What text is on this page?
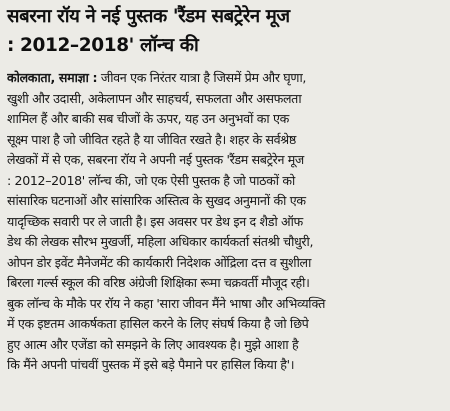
सबरना रॉय ने नई पुस्तक 'रैंडम सबट्रेरेन मूज
: 2012–2018' लॉन्च की
कोलकाता, समाज्ञा : जीवन एक निरंतर यात्रा है जिसमें प्रेम और घृणा,
खुशी और उदासी, अकेलापन और साहचर्य, सफलता और असफलता
शामिल हैं और बाकी सब चीजों के ऊपर, यह उन अनुभवों का एक
सूक्ष्म पाश है जो जीवित रहते है या जीवित रखते है। शहर के सर्वश्रेष्ठ
लेखकों में से एक, सबरना रॉय ने अपनी नई पुस्तक 'रैंडम सबट्रेरेन मूज
: 2012–2018' लॉन्च की, जो एक ऐसी पुस्तक है जो पाठकों को
सांसारिक घटनाओं और सांसारिक अस्तित्व के सुखद अनुमानों की एक
यादृच्छिक सवारी पर ले जाती है। इस अवसर पर डेथ इन द शैडो ऑफ
डेथ की लेखक सौरभ मुखर्जी, महिला अधिकार कार्यकर्ता संतश्री चौधुरी,
ओपन डोर इवेंट मैनेजमेंट की कार्यकारी निदेशक ओंद्रिला दत्त व सुशीला
बिरला गर्ल्स स्कूल की वरिष्ठ अंग्रेजी शिक्षिका रूमा चक्रवर्ती मौजूद रही।
बुक लॉन्च के मौके पर रॉय ने कहा 'सारा जीवन मैंने भाषा और अभिव्यक्ति
में एक इष्टतम आकर्षकता हासिल करने के लिए संघर्ष किया है जो छिपे
हुए आत्म और एजेंडा को समझने के लिए आवश्यक है। मुझे आशा है
कि मैंने अपनी पांचवीं पुस्तक में इसे बड़े पैमाने पर हासिल किया है'।
